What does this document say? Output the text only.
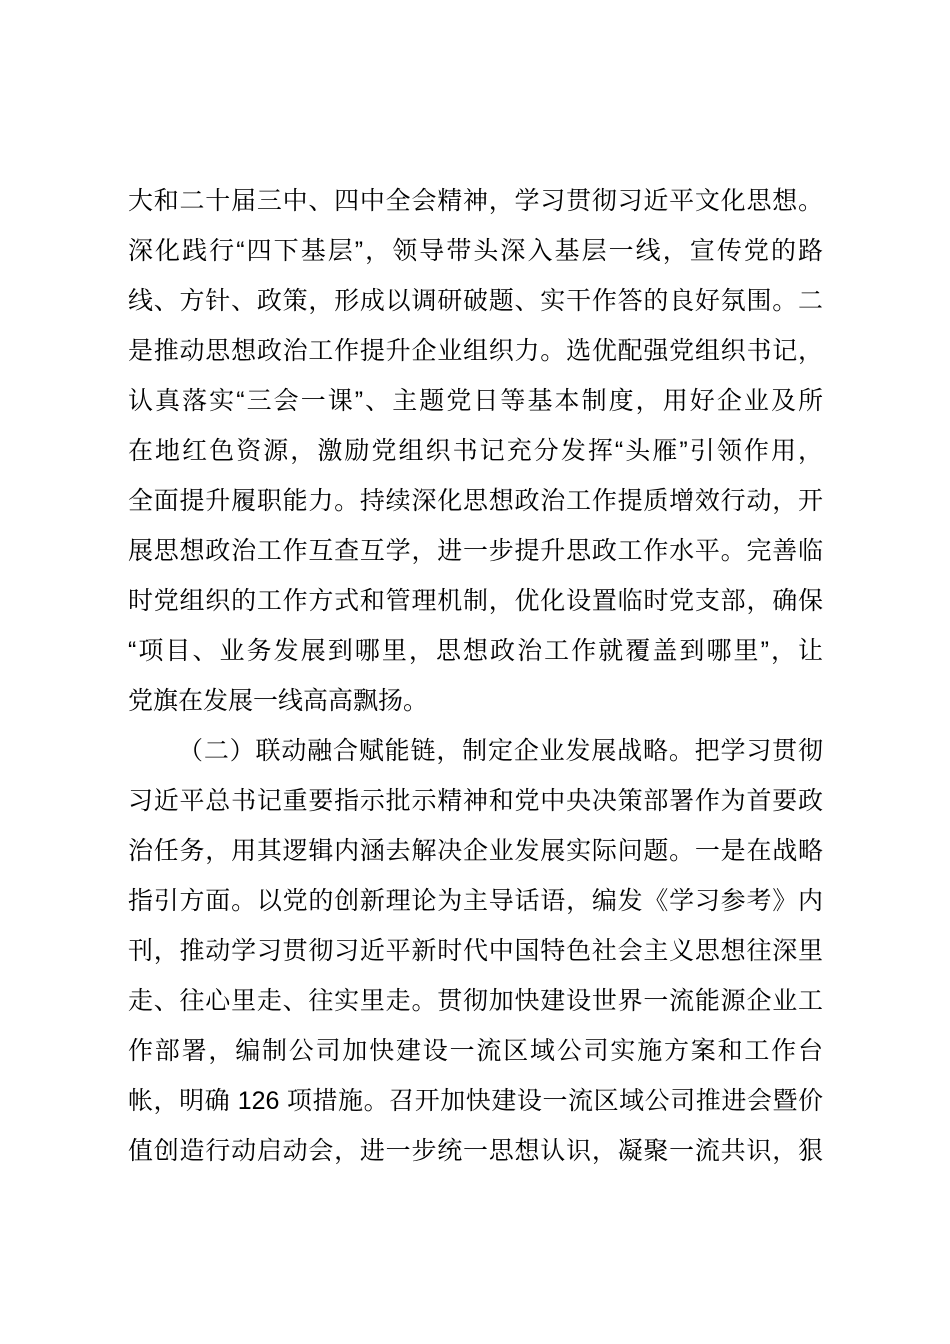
大和二十届三中、四中全会精神，学习贯彻习近平文化思想。
深化践行“四下基层”，领导带头深入基层一线，宣传党的路
线、方针、政策，形成以调研破题、实干作答的良好氛围。二
是推动思想政治工作提升企业组织力。选优配强党组织书记，
认真落实“三会一课”、主题党日等基本制度，用好企业及所
在地红色资源，激励党组织书记充分发挥“头雁”引领作用，
全面提升履职能力。持续深化思想政治工作提质增效行动，开
展思想政治工作互查互学，进一步提升思政工作水平。完善临
时党组织的工作方式和管理机制，优化设置临时党支部，确保
“项目、业务发展到哪里，思想政治工作就覆盖到哪里”，让
党旗在发展一线高高飘扬。
（二）联动融合赋能链，制定企业发展战略。把学习贯彻
习近平总书记重要指示批示精神和党中央决策部署作为首要政
治任务，用其逻辑内涵去解决企业发展实际问题。一是在战略
指引方面。以党的创新理论为主导话语，编发《学习参考》内
刊，推动学习贯彻习近平新时代中国特色社会主义思想往深里
走、往心里走、往实里走。贯彻加快建设世界一流能源企业工
作部署，编制公司加快建设一流区域公司实施方案和工作台
帐，明确 126 项措施。召开加快建设一流区域公司推进会暨价
值创造行动启动会，进一步统一思想认识，凝聚一流共识，狠
